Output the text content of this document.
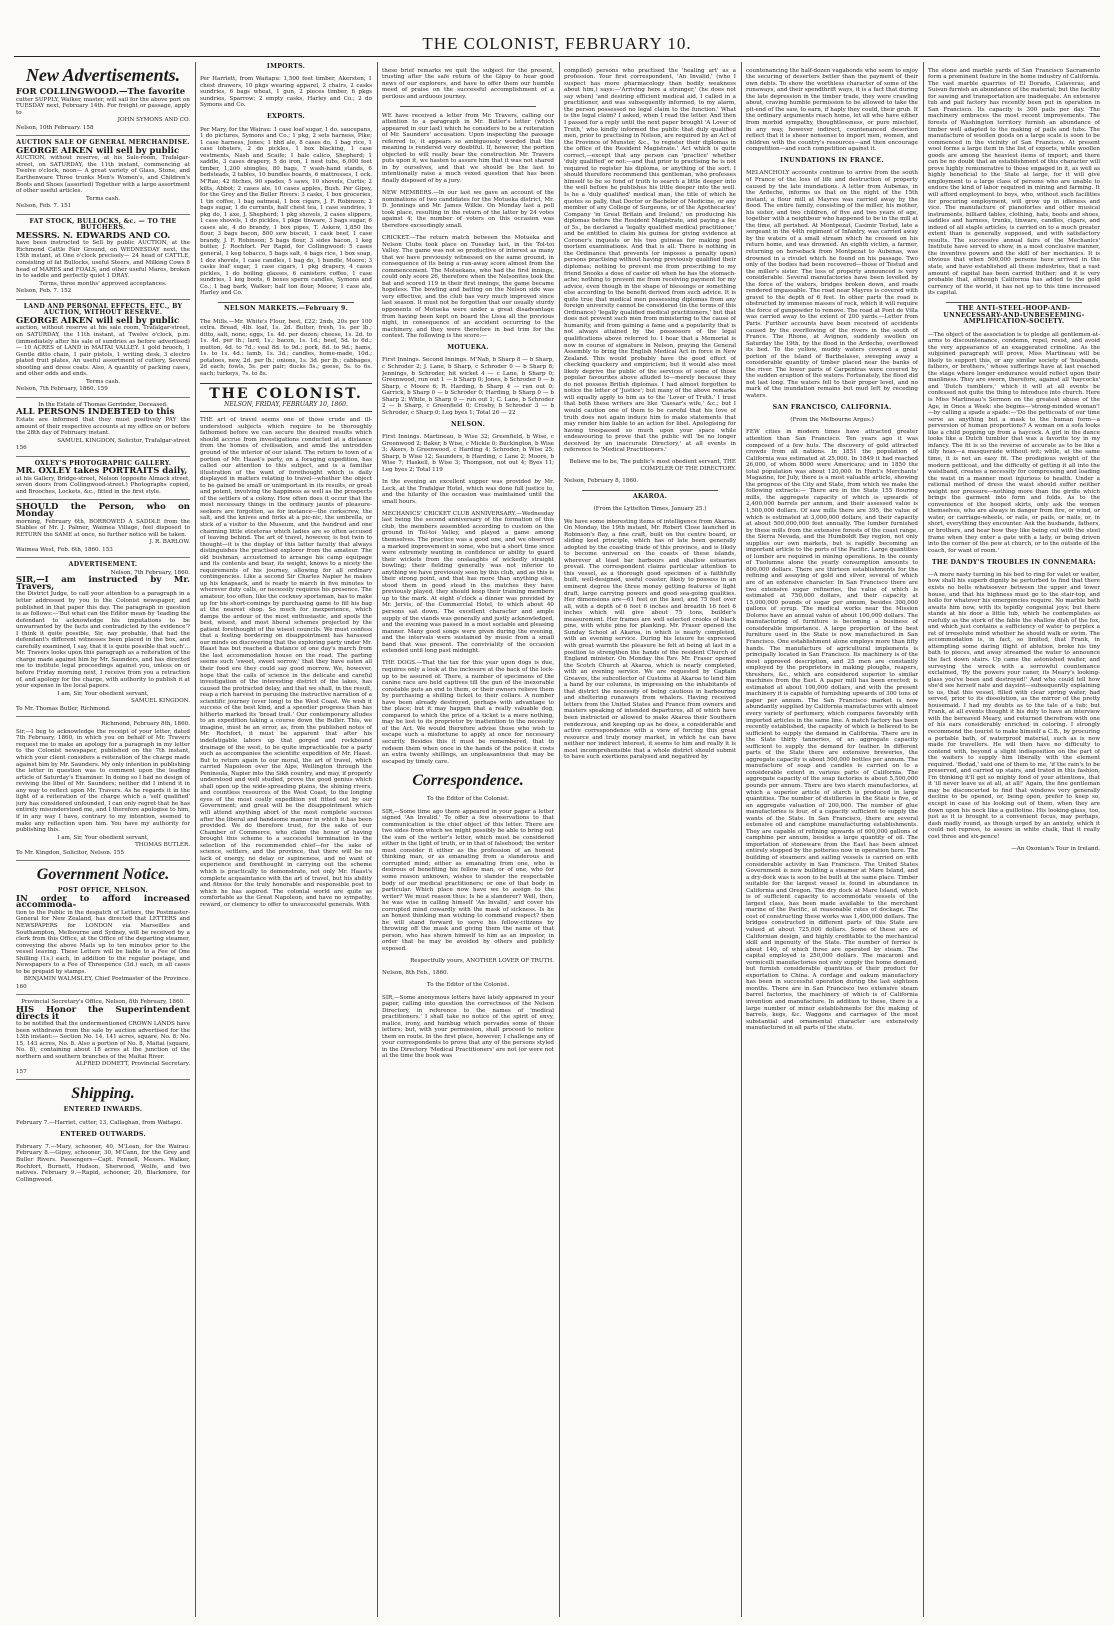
THE COLONIST, FEBRUARY 10.
New Advertisements.

FOR COLLINGWOOD.—The favorite

cutter SUPPLY, Walker, master, will sail for the above port on TUESDAY next, February 14th. For freight or passage, apply to

JOHN SYMONS AND CO.

Nelson, 10th February. 158

AUCTION SALE OF GENERAL MERCHANDISE.

GEORGE AIKEN will sell by public

AUCTION, without reserve, at his Sale-room, Trafalgar-street, on SATURDAY, the 11th instant, commencing at Twelve o'clock, noon— A great variety of Glass, Stone, and Earthenware Three trunks Men's Women's, and Children's Boots and Shoes (assorted) Together with a large assortment of other useful articles.

Terms cash.

Nelson, Feb. 7. 151

FAT STOCK, BULLOCKS, &c. — TO THE BUTCHERS.

MESSRS. N. EDWARDS AND CO.

have been instructed to Sell by public AUCTION, at the Richmond Cattle Fair Ground, on WEDNESDAY next, the 15th instant, at One o'clock precisely— 24 head of CATTLE, consisting of fat Bullocks, useful Steers, and Milking Cows 8 head of MARES and FOALS, and other useful Mares, broken in to saddle and perfectly quiet 1 DRAY.

Terms, three months' approved acceptances.

Nelson, Feb. 7. 152

LAND AND PERSONAL EFFECTS, ETC., BY AUCTION, WITHOUT RESERVE.

GEORGE AIKEN will sell by public

auction, without reserve at his sale room, Trafalgar-street, on SATURDAY, the 11th instant, at Twelve o'clock, p.m. (immediately after his sale of sundries as before advertised)— 10 ACRES of LAND in MAITAI VALLEY. 1 gold brooch, 1 Gentle ditto chain, 1 pair pistols, 1 writing desk, 3 electro plated fruit plates, An useful assortment of cutlery, Several shooting and dress coats. Also, A quantity of packing cases, and other odds and ends.

Terms cash.

Nelson, 7th February, 1860. 159

In the Estate of Thomas Gerrinder, Deceased.

ALL PERSONS INDEBTED to this

Estate are informed that they must positively PAY the amount of their respective accounts at my office on or before the 28th day of February instant.

SAMUEL KINGDON, Solicitor, Trafalgar-street

156

OXLEY'S PHOTOGRAPHIC GALLERY.

MR. OXLEY takes PORTRAITS daily,

at his Gallery, Bridge-street, Nelson (opposite Almack street, seven doors from Collingwood-street.) Photographs copied, and Brooches, Lockets, &c., fitted in the first style.

SHOULD the Person, who on Monday

morning, February 6th, BORROWED A SADDLE from the Stables of Mr. J. Palmer, Waimea Village, feel disposed to RETURN the SAME at once, no further notice will be taken.

J. R. BARLOW.

Waimea West, Feb. 6th, 1860. 153

ADVERTISEMENT.

Nelson, 7th February, 1860.

SIR,—I am instructed by Mr. Travers,

the District Judge, to call your attention to a paragraph in a letter addressed by you to the Colonist newspaper, and published in that paper this day. The paragraph in question is as follows:—'But what can the Editor mean by 'leading the defendant to acknowledge his imputations to be unwarranted by the facts and contradicted by the evidence'? I think it quite possible, Sir, nay probable, that had the defendant's different witnesses been placed in the box, and carefully examined, I say, that it is quite possible that such'... Mr. Travers looks upon this paragraph as a reiteration of the charge made against him by Mr. Saunders, and has directed me to institute legal proceedings against you, unless on or before Friday morning next, I receive from you a retraction of, and apology for the charge, with authority to publish it at your expense in the local papers.

I am, Sir, Your obedient servant,

SAMUEL KINGDON.

To Mr. Thomas Butler, Richmond.

Richmond, February 8th, 1860.

Sir,—I beg to acknowledge the receipt of your letter, dated 7th February, 1860, in which you on behalf of Mr. Travers request me to make an apology for a paragraph in my letter to the Colonist newspaper, published on the 7th instant, which your client considers a reiteration of the charge made against him by Mr. Saunders. My only intention in publishing the letter in question was to comment upon the leading article of Saturday's Examiner. In doing so I had no design of reviving the libel of Mr. Saunders; neither did I intend it in any way to reflect upon Mr. Travers. As he regards it in the light of a reiteration of the charge which a 'self qualified' jury has considered unfounded, I can only regret that he has entirely misunderstood me, and I therefore apologise to him, if in any way I have, contrary to my intention, seemed to make any reflection upon him. You have my authority for publishing this.

I am, Sir, Your obedient servant,

THOMAS BUTLER.

To Mr. Kingdon, Solicitor, Nelson. 155

Government Notice.

POST OFFICE, NELSON.

IN order to afford increased accommoda-

tion to the Public in the despatch of Letters, the Postmaster-General for New Zealand, has directed that LETTERS and NEWSPAPERS for LONDON via Marseilles and Southampton, Melbourne and Sydney, will be received by a clerk from this Office, at the Office of the departing steamer, conveying the above Mails up to ten minutes prior to the vessel leaving. These Letters will be liable to a Fee of One Shilling (1s.) each, in addition to the regular postage, and Newspapers to a Fee of Threepence (3d.) each, in all cases to be prepaid by stamps.

BENJAMIN WALMSLEY, Chief Postmaster of the Province.

160

Provincial Secretary's Office, Nelson, 8th February, 1860.

HIS Honor the Superintendent directs it

to be notified that the undermentioned CROWN LANDS have been withdrawn from the sale by auction advertised for the 13th instant:— Section No. 14, 141 acres, square, No. 8; No. 15, 143 acres, No. 8. Also a portion of No. 8, Maitai (square, No. 8), containing about 18 acres at the junction of the northern and southern branches of the Maitai River.

ALFRED DOMETT, Provincial Secretary.

157

Shipping.

ENTERED INWARDS.

February 7.—Harriet, cutter, 13, Callaghan, from Waitapu.

ENTERED OUTWARDS.

February 7.—Mary, schooner, 40, M'Lean, for the Wairau. February 8.—Gipsy, schooner, 30, M'Cann, for the Grey and Buller Rivers. Passengers—Capt. Fennell, Messrs. Walker, Rochfort, Burnett, Hudson, Sherwood, Wolfe, and two natives. February 9.—Rapid, schooner, 20, Blackmore, for Collingwood.

IMPORTS.

Per Harriett, from Waitapu: 1,500 feet timber, Akersten; 1 chest drawers, 10 pkgs wearing apparel, 2 chairs, 2 casks sundries, 6 bags wheat, 1 gun, 2 pieces timber, 6 pkgs sundries, Sparrow; 2 empty casks, Harley and Co.; 2 do Symons and Co.

EXPORTS.

Per Mary, for the Wairau: 1 case loaf sugar, 1 do. saucepans, 1 do pictures, Symons and Co.; 1 pkg, 2 sets harness, Pike; 1 case harness, Jones; 1 hhd ale, 8 cases do, 1 bag rice, 1 case lobsters, 2 do pickles, 1 box blacking, 1 case vestments, Nash and Scaife; 1 bale calico, Shepherd; 1 saddle, 3 cases drapery, 5 do iron, 1 nest tubs, 6,000 feet timber, 1,200 shingles, 80 bags, 7 wash-hand stands, 6 bedsteads, 2 tables, 10 bundles boards, 6 mattresses, 1 ock. M'Rae; 42 fitches, 90 spades, 5 saws, 10 shovels, Curtis; 2 kilts, Abbot; 2 cases ale, 10 cases apples, Bush. Per Gipsy, for the Grey and the Buller Rivers: 3 casks, 1 box groceries, 1 tin coffee, 1 bag oatmeal, 1 box cigars, J. F. Robinson; 2 bags sugar, 1 do currants, half chest tea, 1 case sundries, 1 pkg do, 1 axe, J. Shepherd; 1 pkg shovels, 2 cases slippers, 1 case shovels, 1 do pickles, 1 pkge tinware, 3 bags sugar, 6 cases ale, 4 do brandy, 1 box pipes, T. Askew, 1,850 lbs flour, 3 bags bacon, 800 sew biscuit, 1 cask beef, 1 case brandy, J. F. Robinson; 5 bags flour, 3 sides bacon, 1 keg butter, J. Rochfort. Per Rapid, for Collingwood: 5 cases general, 1 keg tobacco, 5 bags salt, 4 bags rice, 1 box soap, 1 doz shovels, 1 case candles, 1 bag do, 1 bundle, Moore; 3 casks loaf sugar, 1 case cigars, 1 pkg drapery, 4 cases pickles, 1 do boiling glasses, 6 canisters coffee, 1 case sundries, 1 keg boots, 6 boxes sperm candles, Symons and Co.; 1 bag bark, Walker; half ton flour, Moore; 1 case ale, Harley and Co.

NELSON MARKETS.—February 9.

The Mills.—Mr. White's Flour, best, £22; 2nds, 20s per 100 extra. Bread, 4lb. loaf, 1s. 2d. Butter, fresh, 1s. per lb.; ditto, salt, none; eggs, 1s. 4d. per dozen; cheese, 1s. 2d. to 1s. 4d. per lb.; lard, 1s.; bacon, 1s. 1d.; beef, 5d. to 6d.; mutton, 4d. to 7d.; veal 8d. to 9d.; pork, 8d. to 9d.; hams, 1s. to 1s. 4d.; lamb, 1s. 3d.; candles, home-made, 10d.; potatoes, new, 2d. per lb.; onions, 1s. 3d. per lb.; cabbages, 2d each; fowls, 5s. per pair; ducks 5s.; geese, 5s. to 6s. each; turkeys, 7s. to 8s.

THE COLONIST.
NELSON, FRIDAY, FEBRUARY 10, 1860.

THE art of travel seems one of those crude and ill-understood subjects which require to be thoroughly fathomed before we can secure the desired results which should accrue from investigations conducted at a distance from the homes of civilisation, and amid the untrodden ground of the interior of our island. The return to town of a portion of Mr. Haast's party, on a foraging expedition, has called our attention to this subject, and is a familiar illustration of the want of forethought which is daily displayed in matters relating to travel—whether the object to be gained be small or unimportant in its results, or great and potent, involving the happiness as well as the prospects of the settlers of a colony. How often does it occur that the most necessary things in the ordinary jaunts of pleasure-seekers are forgotten, as for instance—the corkscrew, the salt, and the knives and forks at a pic-nic, the umbrella, or stick of a visitor to the Museum, and the hundred and one charming little etceteras which ladies are so often accused of leaving behind. The art of travel, however, is but twin to thought—it is the display of this latter faculty that always distinguishes the practised explorer from the amateur. The old bushman, accustomed to arrange his camp equipage and its contents and bear, its weight, knows to a nicety the requirements of his journey, allowing for all ordinary contingencies. Like a second Sir Charles Napier he makes up his knapsack, and is ready to march in five minutes to wherever duty calls, or necessity requires his presence. The amateur, too often, like the cockney sportsman, has to make up for his short-comings by purchasing game to fill his bag at the nearest shop. So much for inexperience, which damps the ardour of the most enthusiastic, and spoils the best, wisest, and most liberal schemes projected by the patient forethought of the wisest councils. We must confess that a feeling bordering on disappointment has harassed our minds on discovering that the exploring party under Mr. Haast has but reached a distance of one day's march from the last accommodation house on the road. The parting seems such 'sweet, sweet sorrow,' that they have eaten all their food ere they could say good morrow. We, however, hope that the calls of science in the delicate and careful investigation of the interesting district of the lakes, has caused the protracted delay, and that we shall, in the result, reap a rich harvest in perusing the instructive narration of a scientific journey (ever long) to the West Coast. We wish it success of the best kind, and a speedier progress than has hitherto marked its 'broad trail.' Our contemporary alludes to an expedition taking a course down the Buller. This, we imagine, must be an error, as, from the published notes of Mr. Rochfort, it must be apparent that after his indefatigable labors up that gorged and rockbound drainage of the west, to be quite impracticable for a party such as accompanies the scientific expedition of Mr. Haast. But to return again to our moral, the art of travel, which carried Napoleon over the Alps, Wellington through the Peninsula, Napier into the Sikh country, and may, if properly understood and well studied, prove the good genius which shall open up the wide-spreading plains, the shining rivers, and countless resources of the West Coast, to the longing eyes of the most costly expedition yet fitted out by our Government; and great will be the disappointment which will attend anything abort of the most complete success after the liberal and handsome manner in which it has been provided. We do therefore trust, for the sake of our Chamber of Commerce, who claim the honor of having brought this scheme to a successful termination in the selection of the recommended chief—for the sake of science, settlers, and the province, that there will be no lack of energy, no delay or supineness, and no want of experience and forethought in carrying out the scheme which is practically to demonstrate, not only Mr. Haast's complete acquaintance with the art of travel, but his ability and fitness for the truly honorable and responsible post to which he has aspired. The colonial world are quite as comfortable as the Great Napoleon, and have no sympathy, reward, or clemency to offer to unsuccessful generals. With

these brief remarks we quit the subject for the present, trusting after the safe return of the Gipsy to hear good news of our explorers, and have to offer them our humble meed of praise on the successful accomplishment of a perilous and arduous journey.

WE have received a letter from Mr. Travers, calling our attention to a paragraph in Mr. Butler's letter (which appeared in our last) which he considers to be a reiteration of Mr. Saunders' accusation. Upon inspecting the passage referred to, it appears so ambiguously worded that the meaning is rendered very doubtful. If, however, the portion objected to will really bear the construction Mr. Travers puts upon it, we hasten to assure him that it was not shared in by ourselves, and that we should be the last to intentionally raise a much vexed question that has been finally disposed of by a jury.

NEW MEMBERS.—In our last we gave an account of the nominations of two candidates for the Motueka district, Mr. D. Jennings and Mr. James Wilkie. On Monday last a poll took place, resulting in the return of the latter by 24 votes against 4; the number of voters on this occasion was therefore exceedingly small.

CRICKET.—The return match between the Motueka and Nelson Clubs took place on Tuesday last, in the Tol-toi Valley. The game was not so productive of interest as many that we have previously witnessed on the same ground, in consequence of its being a run-away score almost from the commencement. The Motuekans, who had the first innings, could only score 26, therefore when the Nelsonites took the bat and scored 119 in their first innings, the game became hopeless. The bowling and batting on the Nelson side was very effective, and the club has very much improved since last season. It must not be forgotten that our usually sturdy opponents of Motueka were under a great disadvantage from having been kept on board the Lissa all the previous night, in consequence of an accident occurring to the machinery, and they were therefore in bad trim for the contest. The following is the score:—

MOTUEKA.

First Innings. Second Innings. M'Nab, b Sharp 8 — b Sharp, c Schroder 2; J. Lane, b Sharp, c Schroder 0 — b Sharp 8; Jennings, b Schroder, hit wicket 4 — c Lane, b Sharp 0; Greenwood, run out 1 — b Sharp 0; Jones, b Schroder 0 — b Sharp, c Moore 6; R. Harding, b Sharp 4 — run out 0; Garrick, b Sharp 0 — b Schroder 0; Harding, b Sharp 0 — b Sharp 2; White, b Sharp 0 — run out 1; C. Lane, b Schroder 2 — b Sharp, c Greenfield 0; Crosby, b Schroder 3 — b Schroder, c Sharp 0; Leg byes 1; Total 26 — 22

NELSON.

First Innings. Martineau, b Wise 32; Greenfield, b Wise, c Greenwood 2; Baker, b Wise, c Mickle 0; Buckington, b Wise 3; Akers, b Greenwood, c Harding 4; Schroder, b Wise 25; Sharp, b Wise 12; Saunders, b Harding, c Lane 2; Moore, b Wise 7; Haskell, b Wise 3; Thompson, not out 4; Byes 11; Leg byes 2; Total 119

In the evening an excellent supper was provided by Mr. Leck, at the Trafalgar Hotel, which was done full justice to, and the hilarity of the occasion was maintained until the small hours.

MECHANICS' CRICKET CLUB ANNIVERSARY.—Wednesday last being the second anniversary of the formation of this club, the members assembled according to custom on the ground in Tol-toi Valley, and played a game among themselves. The practice was a good one, and we observed a marked improvement in some, who but a short time since were extremely wanting in confidence or ability to guard their wickets from the onslaughts of wickedly straight bowling; their fielding generally was not inferior to anything we have previously seen by this club, and as this is their strong point, and that has more than anything else, stood them in good stead in the matches they have previously played, they should keep their training members up to the mark. At eight o'clock a dinner was provided by Mr. Jervis, of the Commercial Hotel, to which about 40 persons sat down. The excellent character and ample supply of the viands was generally and justly acknowledged, and the evening was passed in a most sociable and pleasing manner. Many good songs were given during the evening, and the intervals were sustained by music from a small band that was present. The conviviality of the occasion extended until long past midnight.

THE DOGS.—That the tax for this year upon dogs is due, requires only a look at the inclosure at the back of the lock-up to be assured of. There, a number of specimens of the canine race are held captives till the gun of the inexorable constable puts an end to them, or their owners relieve them by purchasing a shilling ticket to their collars. A number have been already destroyed, perhaps with advantage to the place; but it may happen that a really valuable dog, compared to which the price of a ticket is a mere nothing, may be lost to its proprietor by inattention to the necessity of the Act. We would therefore advise those who wish to escape such a misfortune to apply at once for necessary security. Besides this it must be remembered, that to redeem them when once in the hands of the police it costs an extra twenty shillings, an unpleasantness that may be escaped by timely care.

Correspondence.

To the Editor of the Colonist.

SIR,—Some time ago there appeared in your paper a letter signed 'An Invalid.' To offer a few observations to that communication is the chief object of this letter. There are two sides from which we might possibly be able to bring out the sum of the writer's letter, which must be considered either in the light of truth, or in that of falsehood; the writer must consider it either as the profession of an honest thinking man, or as emanating from a slanderous and corrupted mind; either as emanating from one, who is desirous of benefiting his fellow man, or of one, who for some reason unknown, wishes to slander the respectable body of our medical practitioners; or one of that body in particular. Which place now have we to assign to the writer? We must reason thus: Is he a slanderer? Well, then, he was wise in calling himself 'An Invalid,' and cover his corrupted mind cowardly with the mask of sickness. Is he an honest thinking man wishing to command respect? then he will stand forward to serve his fellow-citizens by throwing off the mask and giving them the name of that person, who has shown himself to him as an impostor, in order that he may be avoided by others and publicly exposed.

Respectfully yours, ANOTHER LOVER OF TRUTH.

Nelson, 8th Feb., 1860.

To the Editor of the Colonist.

SIR,—Some anonymous letters have lately appeared in your paper, calling into question the correctness of the Nelson Directory, in reference to the names of 'medical practitioners.' I shall take no notice of the spirit of envy, malice, irony, and humbug which pervades some of those letters; but, with your permission, shall proceed to notice them en route. In the first place, however, I challenge any of your correspondents to prove that any of the persons styled in the Directory 'Medical Practitioners' are not (or were not at the time the book was

compiled) persons who practised the 'healing art' as a profession. Your first correspondent, 'An Invalid,' (who I suspect has more pharmacology than bodily weakness about him,) says:—'Arriving here a stranger,' (he does not say when) 'and desiring efficient medical aid, I called in a practitioner, and was subsequently informed, to my alarm, the person possessed no legal claim to the function.' What is the legal claim? I asked, when I read the letter. And then I passed for a reply until the next paper brought 'A Lover of Truth,' who kindly informed the public that duly qualified men, prior to practising in Nelson, are required by an Act of the Province of Munster, &c., 'to register their diplomas in the office of the Resident Magistrate.' Act which is quite correct,—except that any person can 'practice' whether 'duly qualified' or not:—and that prior to practising he is not required to register his diploma, or anything of the sort. I should therefore recommend this gentleman, who professes himself to be so fond of truth to search a little deeper into the well before he publishes his little deeper into the well. Is he a 'duly qualified' medical man, the title of which he quotes so pally, that Doctor or Bachelor of Medicine, or any member of any College of Surgeons, or of the Apothecaries' Company 'in Great Britain and Ireland,' on producing his diplomas before the Resident Magistrate, and paying a fee of 5s., be declared a 'legally qualified medical practitioner,' and be entitled to claim his guinea for giving evidence at Coroner's inquests or his two guineas for making post mortem examinations. And that is all. There is nothing in the Ordinance that prevents (or imposes a penalty upon) persons practising without having previously qualified their diplomas; nothing to prevent me from prescribing to my friend Snooks a dose of castor oil when he has the stomach-ache; nothing to prevent me from receiving payment for my advice, even though in the shape of blessings or something else according to the benefit derived from such advice. It is quite true that medical men possessing diplomas from any foreign university cannot be considered (in the terms of this Ordinance) 'legally qualified medical practitioners,' but that does not prevent such men from ministering to the cause of humanity, and from gaining a fame and a popularity that is not always attained by the possessors of the legal qualifications above referred to. I hear that a Memorial is now in course of signature in Nelson, praying the General Assembly to bring the English Medical Act in force in New Zealand. This would probably have the good effect of checking quackery and empiricism; but it would also most likely deprive the public of the services of some of those popular favourites above alluded to—merely because they do not possess British diplomas. I had almost forgotten to notice the letter of 'Justice'; but many of the above remarks will equally apply to him as to the 'Lover of Truth.' I trust that both these writers are like 'Caesar's wife,' &c.; but I would caution one of them to be careful that his love of truth does not again induce him to make statements that may render him liable to an action for libel. Apologising for having trespassed so much upon your space while endeavouring to prove that the public will 'be no longer deceived by an inaccurate Directory,' at all events in reference to 'Medical Practitioners.'

Believe me to be, The public's most obedient servant, THE COMPILER OF THE DIRECTORY.

Nelson, February 8, 1860.

AKAROA.

(From the Lyttelton Times, January 25.)

We have some interesting items of intelligence from Akaroa. On Monday, the 19th instant, Mr. Robert Close launched in Robinson's Bay, a fine craft, built on the centre board, or sliding keel principle, which has of late been generally adopted by the coasting trade of this province, and is likely to become universal on the coasts of these islands, wherever at least bar harbours and shallow estuaries prevail. The correspondent claims particular attention to this vessel, as a thorough good specimen of a faithfully built, well-designed, useful coaster, likely to possess in an eminent degree the three money getting features of light draft, large carrying powers and good sea-going qualities. Her dimensions are—61 feet on the keel, and 75 feet over all, with a depth of 6 feet 6 inches and breadth 16 feet 6 inches which will give about 75 tons, builder's measurement. Her frames are well selected crooks of black pine, with white pine for planking. Mr. Fraser opened the Sunday School at Akaroa, in which is nearly completed, with an evening service. During his leisure he expressed with great warmth the pleasure he felt at being at last in a position to strengthen the hands of the resident Church of England minister. On Monday the Rev. Mr. Fraser opened the Scotch Church at Akaroa, which is nearly completed, with an evening service. We are requested by Captain Greaves, the subcollector of Customs at Akaroa to lend him a hand by our columns, in impressing on the inhabitants of that district the necessity of being cautious in harbouring and sheltering runaways from whalers. Having received letters from the United States and France from owners and masters speaking of intended departures, all of which have been instructed or allowed to make Akaroa their Southern rendezvous, and keeping up as he does, a considerable and active correspondence with a view of forcing this great resource and truly money market, in which he can have neither nor indirect interest, it seems to him and really it is most incomprehensible that a whole district should submit to have such exertions paralysed and negatived by

countenancing the half-dozen vagabonds who seem to enjoy the securing of deserters better than the payment of their own debts. To show the worthless character of some of the runaways, and their spendthrift ways, it is a fact that during the late depression in the timber trade, they were crawling about, craving humble permission to be allowed to take the pit-end of the saw, to earn, if haply they could, their grub. If the ordinary arguments reach home, let all who have either from morbid sympathy, thoughtlessness, or pure mischief, in any way, however indirect, countenanced desertion reflect that it is sheer nonsense to import men, women, and children with the country's resources—and then encourage competition—and such competition against it.

INUNDATIONS IN FRANCE.

MELANCHOLY accounts continue to arrive from the south of France of the loss of life and destruction of property caused by the late inundations. A letter from Aubenas, in the Ardeche, informs us that on the night of the 15th instant, a flour mill at Mayres was carried away by the flood. The entire family, consisting of the miller, his mother, his sister, and two children, of five and two years of age, together with a neighbour who happened to be in the mill at the time, all perished. At Montpezat, Casimir Testud, late a sergeant in the 44th regiment of Infantry, was carried away by the waters of a small stream which he crossed on his return home, and was drowned. An eighth victim, a farmer, returning on horseback from Montpezat to Aubenas, was drowned in a rivulet which he found on his passage. Two only of the bodies had been recovered—those of Testud and the miller's sister. The loss of property announced is very considerable. Several manufactories have been levelled by the force of the waters, bridges broken down, and roads rendered impassable. The road near Mayres is covered with gravel to the depth of 6 feet. In other parts the road is obstructed by immense masses of rock, which it will require the force of gunpowder to remove. The road at Pont de Villa was carried away to the extent of 200 yards.—Letter from Paris. Further accounts have been received of accidents caused by the overflowing of the rivers in the south of France. The Rhone, at Avignon, suddenly swollen on Saturday the 19th, by the flood in the Ardeche, overflowed its bed. To the yellow, muddy waters covered a great portion of the Island of Barthelasse, sweeping away a considerable quantity of timber placed near the banks of the river. The lower parts of Carpentras were covered by the sudden eruption of the waters. Fortunately, the flood did not last long. The waters fell to their proper level, and no mark of the inundation remains but mud left by receding waters.

SAN FRANCISCO, CALIFORNIA.

(From the Melbourne Argus.)

FEW cities in modern times have attracted greater attention than San Francisco. Ten years ago it was composed of a few huts. The discovery of gold attracted crowds from all nations. In 1851 the population of California was estimated at 25,000. In 1849 it had reached 26,000, of whom 8000 were Americans; and in 1850 the total population was about 120,000. In Hunt's Merchants' Magazine, for July, there is a most valuable article, showing the progress of the City and State, from which we make the following extracts:— There are in the State 155 flouring mills, the aggregate capacity of which is upwards of 2,400,000 barrels per annum, and their assessed value is 1,500,000 dollars. Of saw mills there are 395, the value of which is estimated at 3,000,000 dollars, and their capacity at about 500,000,000 feet annually. The lumber furnished by these mills from the extensive forests of the coast range, the Sierra Nevada, and the Humboldt Bay region, not only supplies our own markets, but is rapidly becoming an important article to the ports of the Pacific. Large quantities of lumber are required in mining operations. In the county of Tuolumne alone the yearly consumption amounts to 800,000 dollars. There are thirteen establishments for the refining and assaying of gold and silver, several of which are of an extensive character. In San Francisco there are two extensive sugar refineries, the value of which is estimated at 750,000 dollars, and their capacity at 15,000,000 pounds of sugar per annum, besides 300,000 gallons of syrup. The medical works near the Mission Dolores have an annual value of about 100,000 dollars. The manufacturing of furniture is becoming a business of considerable importance. A large proportion of the best furniture used in the State is now manufactured in San Francisco. One establishment alone employs more than fifty hands. The manufacture of agricultural implements is principally located in San Francisco. Its machinery is of the most approved description, and 25 men are constantly employed by the proprietors in making ploughs, reapers, threshers, &c., which are considered superior to similar machines from the East. A paper mill has been erected; is estimated at about 100,000 dollars, and with the present machinery it is capable of furnishing upwards of 300 tons of paper per annum. The San Francisco market is now abundantly supplied by California manufactures with almost every variety of perfumery, which compares favorably with imported articles in the same line. A match factory has been recently established, the capacity of which is believed to be sufficient to supply the demand in California. There are in the State thirty tanneries, of an aggregate capacity sufficient to supply the demand for leather. In different parts of the State there are extensive breweries, the aggregate capacity is about 500,000 bottles per annum. The manufacture of soap and candles is carried on to a considerable extent in various parts of California. The aggregate capacity of the soap factories is about 5,500,000 pounds per annum. There are two starch manufactories, at which a superior article of starch is produced in large quantities. The number of distilleries in the State is five, of an aggregate valuation of 200,000. The number of glue manufactories is four, of a capacity sufficient to supply the wants of the State. In San Francisco, there are several extensive oil and camphine manufacturing establishments. They are capable of refining upwards of 600,000 gallons of camphine per annum, besides a large quantity of oil. The importation of stoneware from the East has been almost entirely stopped by the potteries now in operation here. The building of steamers and sailing vessels is carried on with considerable activity in San Francisco. The United States Government is now building a steamer at Mare Island, and a dry-dock was is soon to be built at the same place. Timber suitable for the largest vessel is found in abundance in California and Oregon. The dry dock at Mare Island, which is of sufficient capacity to accommodate vessels of the largest class, has been made available to the merchant marine of the Pacific, at reasonable rates of dockage. The cost of constructing these works was 1,400,000 dollars. The bridges constructed in different parts of this State are valued at about 725,000 dollars. Some of these are of Californian design, and highly creditable to the mechanical skill and ingenuity of the State. The number of ferries is about 140, of which three are operated by steam. The capital employed is 250,000 dollars. The macaroni and vermicelli manufactories not only supply the home demand, but furnish considerable quantities of their product for exportation to China. A cordage and oakum manufactory has been in successful operation during the last eighteen months. There are in San Francisco two extensive steam barrel factories, the machinery of which is of California invention and manufacture. In addition to these, there is a large number of minor establishments for the making of barrels, kegs, &c. Waggons and carriages of the most substantial and ornamental character are extensively manufactured in all parts of the state.

The stone and marble yards of San Francisco Sacramento form a prominent feature in the home industry of California. The vast marble quarries of El Dorado, Calaveras, and Suisun furnish an abundance of the material; but the facility for sawing and transportation are inadequate. An extensive tub and pail factory has recently been put in operation in San Francisco. Its capacity is 300 pails per day. The machinery embraces the most recent improvements. The forests of Washington territory furnish an abundance of timber well adapted to the making of pails and tubs. The manufacture of woollen goods on a large scale is soon to be commenced in the vicinity of San Francisco. At present wool forms a large item in the list of exports, while woollen goods are among the heaviest items of import; and there can be no doubt that an establishment of this character will prove highly remunerative to those engaged in it, as well as highly beneficial to the State at large, for it will give employment to a large class of persons who are unable to endure the kind of labor required in mining and farming. It will afford employment to boys, who, without such facilities for procuring employment, will grow up in idleness and vice. The manufacture of pianofortes and other musical instruments, billiard tables, clothing, hats, boots and shoes, saddles and harness, trunks, tinware, candles, cigars, and indeed of all staple articles, is carried on to a much greater extent than is generally supposed, and with satisfactory results. The successive annual fairs of the Mechanics' Institute have served to show, in a most conclusive manner, the inventive powers and the skill of her mechanics. It is obvious that when 500,000 persons have arrived in the state, and have established all these industries, that a vast amount of capital has been carried thither; and it is very probable that, although California has added to the gold currency of the world, it has not up to this time increased its capital.

THE ANTI-STEEL-HOOP-AND-UNNECESSARY-AND-UNBESEEMING-AMPLIFICATION-SOCIETY.

—The object of the association is to pledge all gentlemen-at-arms to discountenance, condemn, repel, resist, and avoid the very appearance of an exaggerated crinoline. As the subjoined paragraph will prove, Miss Martineau will be likely to support this, or any similar society of 'husbands, fathers, or brothers,' whose sufferings have at last reached the stage where longer endurance would reflect upon their manliness. They are sworn, therefore, against all 'haycocks' and 'Dutch tumblers,' which it will at all events be confessed not quite the thing to introduce into church. Here is Miss Martineau's Sermon on the greatest abuse of the Age, in Once a Week: she begins—'strong-minded woman'!—by calling a spade a spade:—'Do the petticoats of our time serve as anything but a mask to the human form—a perversion of human proportions? A woman on a sofa looks like a child popping up from a haycock. A girl in the dance looks like a Dutch tumbler that was a favorite toy in my infancy. The fit is so the reverse of accurate as to be like a silly hoax—a masquerade without wit; while, at the same time, it is not an easy fit. The prodigious weight of the modern petticoat, and the difficulty of getting it all into the waistband, creates a necessity for compressing and loading the waist in a manner most injurious to health. Under a rational method of dress the waist should suffer neither weight nor pressure—nothing more than the girdle which brings the garment into form and folds. As to the convenience of the hooped skirts, only ask the women themselves, who are always in danger from fire, or wind, or water, or carriage-wheels, or rails, or pails, or nails, or, in short, everything they encounter. Ask the husbands, fathers, or brothers, and hear how they like being cut with the steel frame when they enter a gate with a lady, or being driven into the corner of the pew at church, or to the outside of the coach, for want of room.'

THE DANDY'S TROUBLES IN CONNEMARA:

—A more nasty turning in his bed to ring for valet or waiter, how shall his superb dignity be perturbed to find that there exists no bells whatsoever between the upper and lower house, and that his highness must go to the stair-top, and hollo for whatever his emergencies require. No marble bath awaits him now, with its tepidly congenial joys; but there stands at his door a little tub, which he contemplates as ruefully as the stork of the fable the shallow dish of the fox, and which just contains a sufficiency of water to perplex a rat of irresolute mind whether he should walk or swim. The accommodation is, in fact, so limited, that Frank, in attempting some daring flight of ablution, broke his tiny bath to pieces, and away streamed the water to announce the fact down stairs. Up came the astonished waiter, and surveying the wreck with a sorrowful countenance exclaimed, 'By the powers your caner, its Meary's looking-glass you've been and destroyed!' And who could tell how she'd see herself nate and daysint—subsequently explaining to us, that this vessel, filled with clear spring water, had served, prior to its dissolution, as the mirror of the pretty housemaid. I had my doubts as to the tale of a tub; but Frank, at all events thought it his duty to have an interview with the bereaved Meary, and returned therefrom with one of his ears considerably enriched in coloring. I strongly recommend the tourist to make himself a C.B., by procuring a portable bath, of waterproof material, such as is now made for travellers. He will then have no difficulty to contend with, beyond a slight indisposition on the part of the waiters to supply him liberally with the element required. 'Bedad,' said one of them to me, 'if the rain's to be preserved, and carried up stairs, and trated in this fashion, I'm thinking it'll get so mighty fond of your attentions, that it 'ill never leave us at all, at all!' Again, the fine gentleman may be disconcerted to find that windows very generally decline to be opened, or, being open, prefer to keep so, except in case of his looking out of them, when they are down upon his neck like a guillotine. His looking-glass, too, just as it is brought to a convenient focus, may perhaps, dash madly round, as though urged by an anxiety, which it could not repress, to assure in white chalk, that it really cost three and six-pence!

—An Oxonian's Tour in Ireland.
